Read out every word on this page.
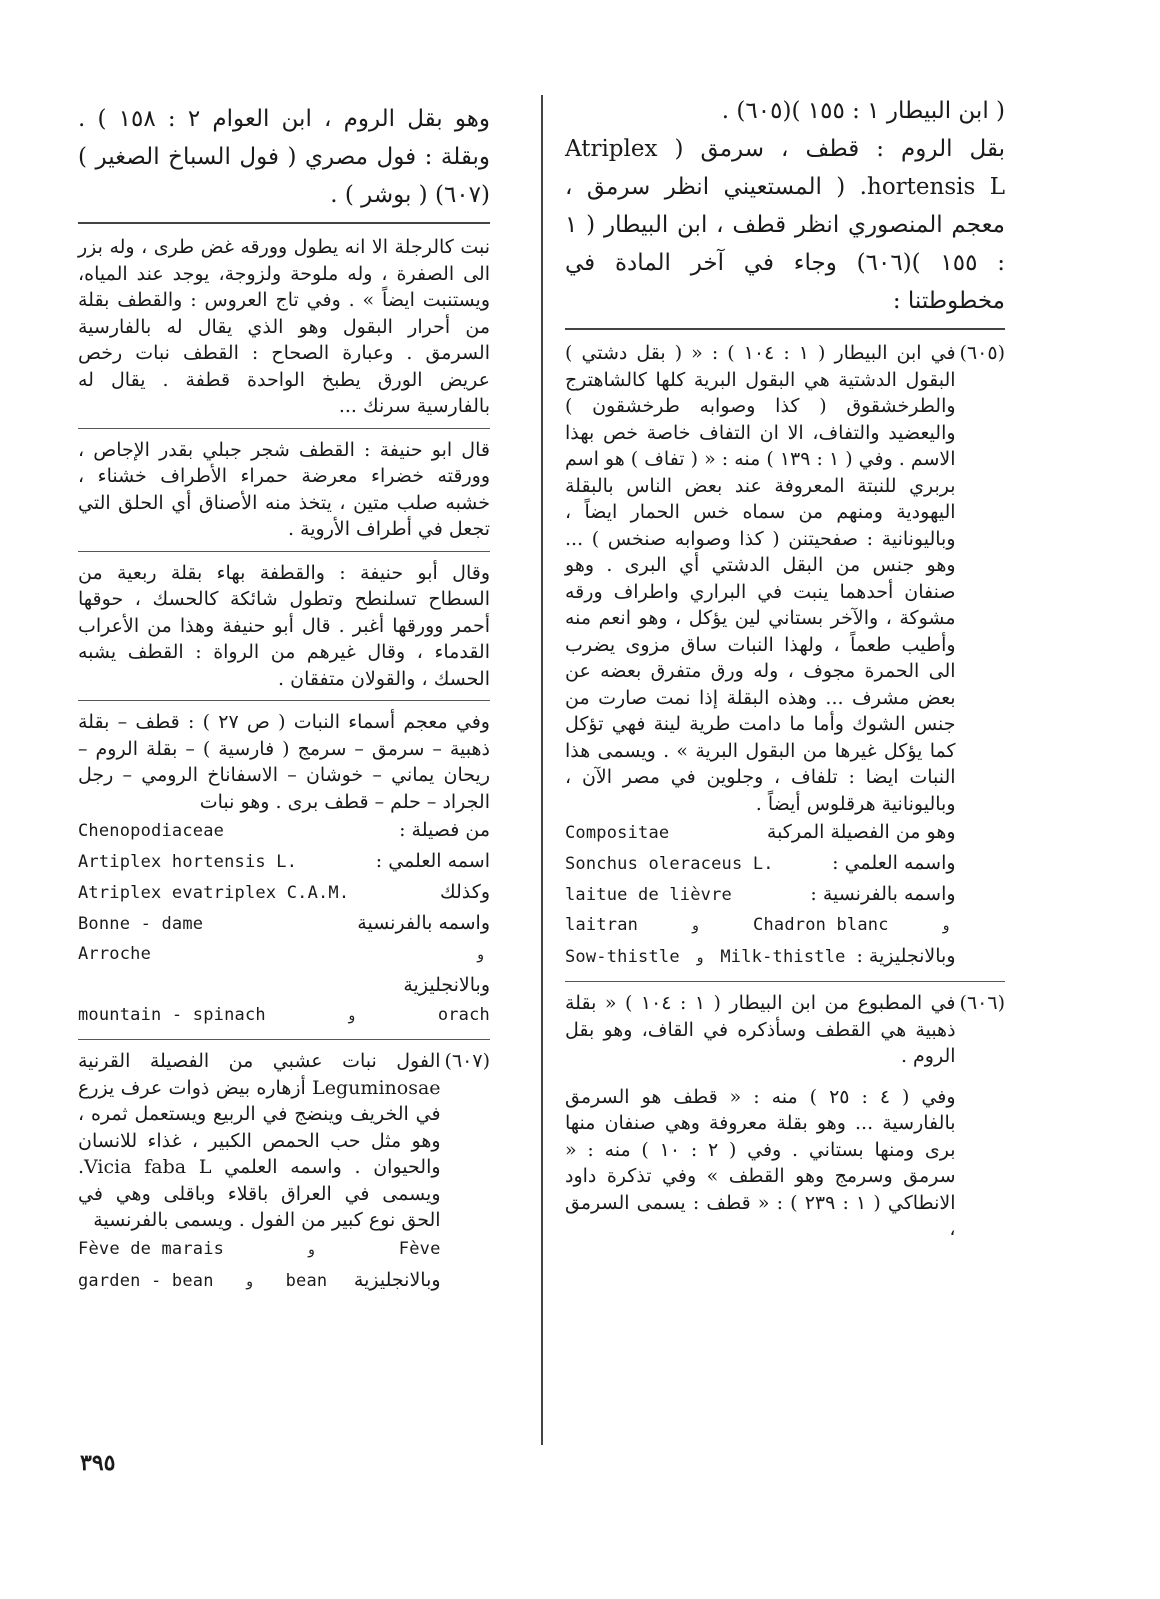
( ابن البيطار ١ : ١٥٥ )(٦٠٥) .

بقل الروم : قطف ، سرمق ( Atriplex hortensis L. ( المستعيني انظر سرمق ، معجم المنصوري انظر قطف ، ابن البيطار ( ١ : ١٥٥ )(٦٠٦) وجاء في آخر المادة في مخطوطتنا :

(٦٠٥)

في ابن البيطار ( ١ : ١٠٤ ) : « ( بقل دشتي ) البقول الدشتية هي البقول البرية كلها كالشاهترج والطرخشقوق ( كذا وصوابه طرخشقون ) واليعضيد والتفاف، الا ان التفاف خاصة خص بهذا الاسم . وفي ( ١ : ١٣٩ ) منه : « ( تفاف ) هو اسم بربري للنبتة المعروفة عند بعض الناس بالبقلة اليهودية ومنهم من سماه خس الحمار ايضاً ، وباليونانية : صفحيتنن ( كذا وصوابه صنخس ) ... وهو جنس من البقل الدشتي أي البرى . وهو صنفان أحدهما ينبت في البراري واطراف ورقه مشوكة ، والآخر بستاني لين يؤكل ، وهو انعم منه وأطيب طعماً ، ولهذا النبات ساق مزوى يضرب الى الحمرة مجوف ، وله ورق متفرق بعضه عن بعض مشرف ... وهذه البقلة إذا نمت صارت من جنس الشوك وأما ما دامت طرية لينة فهي تؤكل كما يؤكل غيرها من البقول البرية » . ويسمى هذا النبات ايضا : تلفاف ، وجلوين في مصر الآن ، وباليونانية هرقلوس أيضاً .

وهو من الفصيلة المركبة
Compositae
واسمه العلمي :
Sonchus oleraceus L.
واسمه بالفرنسية :
laitue de lièvre
و
Chadron blanc
و
laitran
وبالانجليزية :
Milk-thistle
و
Sow-thistle
(٦٠٦)

في المطبوع من ابن البيطار ( ١ : ١٠٤ ) « بقلة ذهبية هي القطف وسأذكره في القاف، وهو بقل الروم .

وفي ( ٤ : ٢٥ ) منه : « قطف هو السرمق بالفارسية ... وهو بقلة معروفة وهي صنفان منها برى ومنها بستاني . وفي ( ٢ : ١٠ ) منه : « سرمق وسرمج وهو القطف » وفي تذكرة داود الانطاكي ( ١ : ٢٣٩ ) : « قطف : يسمى السرمق ،

وهو بقل الروم ، ابن العوام ٢ : ١٥٨ ) . وبقلة : فول مصري ( فول السباخ الصغير )(٦٠٧) ( بوشر ) .

نبت كالرجلة الا انه يطول وورقه غض طرى ، وله بزر الى الصفرة ، وله ملوحة ولزوجة، يوجد عند المياه، ويستنبت ايضاً » . وفي تاج العروس : والقطف بقلة من أحرار البقول وهو الذي يقال له بالفارسية السرمق . وعبارة الصحاح : القطف نبات رخص عريض الورق يطبخ الواحدة قطفة . يقال له بالفارسية سرنك ...

قال ابو حنيفة : القطف شجر جبلي بقدر الإجاص ، وورقته خضراء معرضة حمراء الأطراف خشناء ، خشبه صلب متين ، يتخذ منه الأصناق أي الحلق التي تجعل في أطراف الأروية .

وقال أبو حنيفة : والقطفة بهاء بقلة ربعية من السطاح تسلنطح وتطول شائكة كالحسك ، حوقها أحمر وورقها أغبر . قال أبو حنيفة وهذا من الأعراب القدماء ، وقال غيرهم من الرواة : القطف يشبه الحسك ، والقولان متفقان .

وفي معجم أسماء النبات ( ص ٢٧ ) : قطف – بقلة ذهبية – سرمق – سرمج ( فارسية ) – بقلة الروم – ريحان يماني – خوشان – الاسفاناخ الرومي – رجل الجراد – حلم – قطف برى . وهو نبات

من فصيلة :
Chenopodiaceae
اسمه العلمي :
Artiplex hortensis L.
وكذلك
Atriplex evatriplex C.A.M.
واسمه بالفرنسية
Bonne - dame
و
Arroche
وبالانجليزية
orach
و
mountain - spinach
(٦٠٧)

الفول نبات عشبي من الفصيلة القرنية Leguminosae أزهاره بيض ذوات عرف يزرع في الخريف وينضج في الربيع ويستعمل ثمره ، وهو مثل حب الحمص الكبير ، غذاء للانسان والحيوان . واسمه العلمي Vicia faba L. ويسمى في العراق باقلاء وباقلى وهي في الحق نوع كبير من الفول . ويسمى بالفرنسية

Fève
و
Fève de marais
وبالانجليزية
bean
و
garden - bean
٣٩٥
